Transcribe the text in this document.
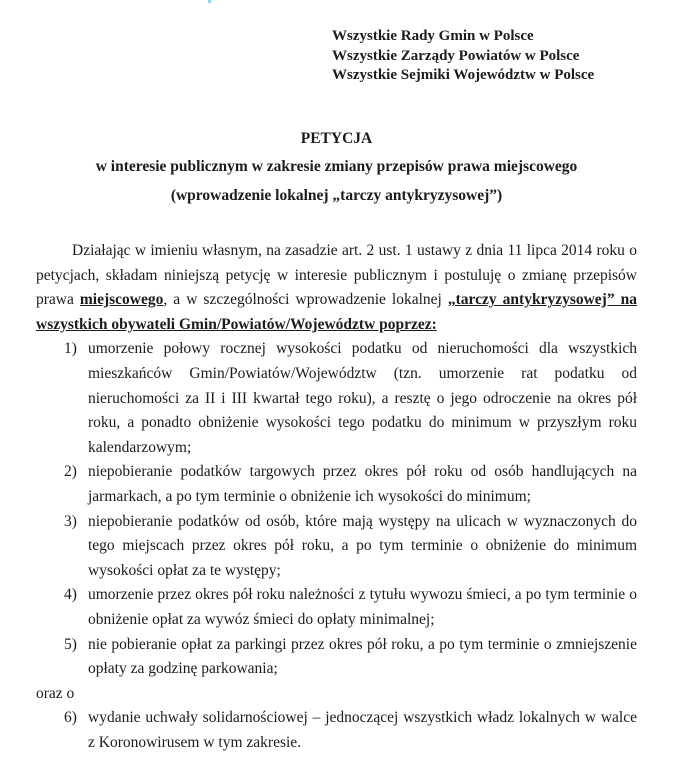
Wszystkie Rady Gmin w Polsce
Wszystkie Zarządy Powiatów w Polsce
Wszystkie Sejmiki Województw w Polsce
PETYCJA
w interesie publicznym w zakresie zmiany przepisów prawa miejscowego
(wprowadzenie lokalnej „tarczy antykryzysowej”)

Działając w imieniu własnym, na zasadzie art. 2 ust. 1 ustawy z dnia 11 lipca 2014 roku o petycjach, składam niniejszą petycję w interesie publicznym i postuluję o zmianę przepisów prawa miejscowego, a w szczególności wprowadzenie lokalnej „tarczy antykryzysowej” na wszystkich obywateli Gmin/Powiatów/Województw poprzez:

1) umorzenie połowy rocznej wysokości podatku od nieruchomości dla wszystkich mieszkańców Gmin/Powiatów/Województw (tzn. umorzenie rat podatku od nieruchomości za II i III kwartał tego roku), a resztę o jego odroczenie na okres pół roku, a ponadto obniżenie wysokości tego podatku do minimum w przyszłym roku kalendarzowym;
2) niepobieranie podatków targowych przez okres pół roku od osób handlujących na jarmarkach, a po tym terminie o obniżenie ich wysokości do minimum;
3) niepobieranie podatków od osób, które mają występy na ulicach w wyznaczonych do tego miejscach przez okres pół roku, a po tym terminie o obniżenie do minimum wysokości opłat za te występy;
4) umorzenie przez okres pół roku należności z tytułu wywozu śmieci, a po tym terminie o obniżenie opłat za wywóz śmieci do opłaty minimalnej;
5) nie pobieranie opłat za parkingi przez okres pół roku, a po tym terminie o zmniejszenie opłaty za godzinę parkowania;
oraz o
6) wydanie uchwały solidarnościowej – jednoczącej wszystkich władz lokalnych w walce z Koronowirusem w tym zakresie.
